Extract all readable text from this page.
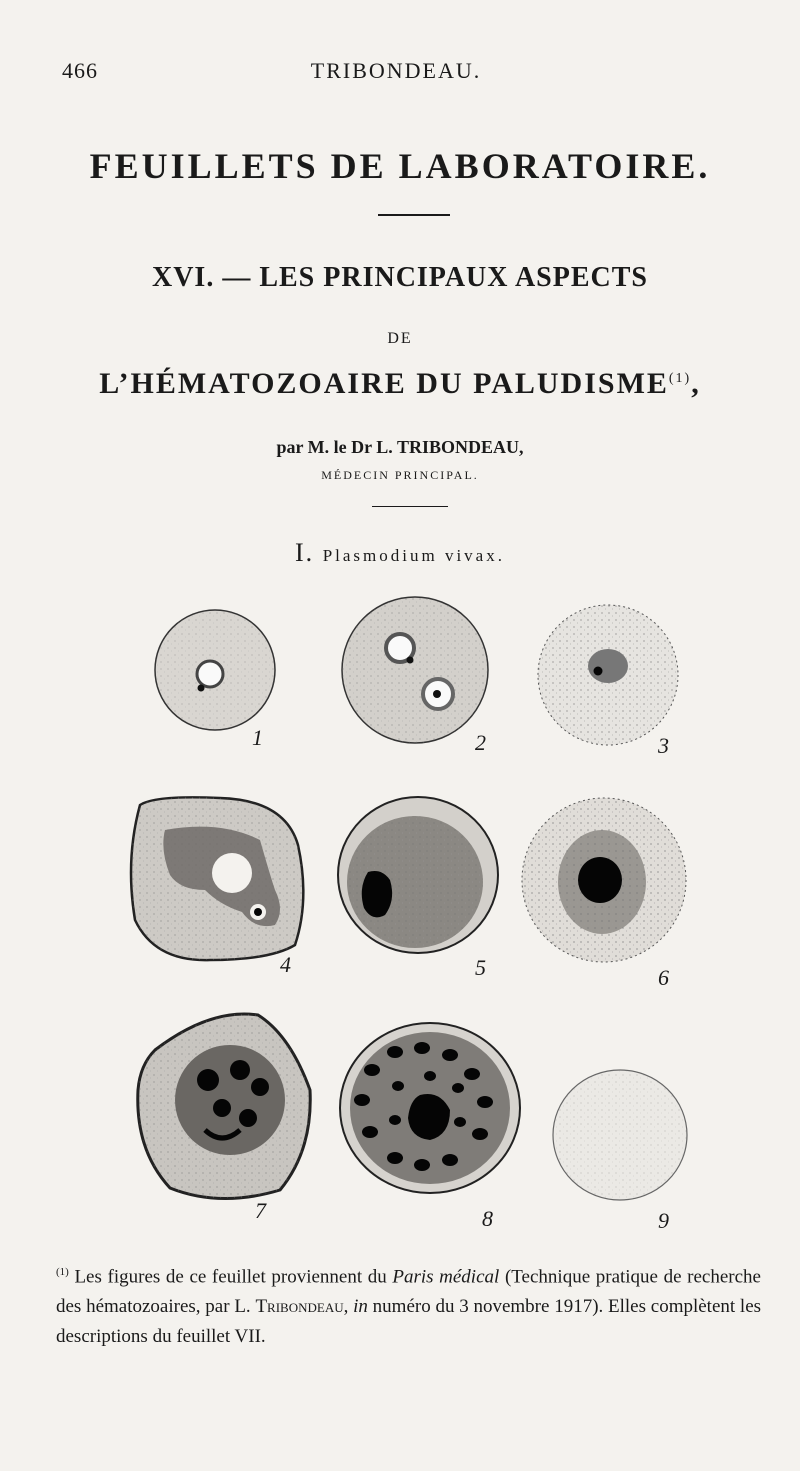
466	TRIBONDEAU.
FEUILLETS DE LABORATOIRE.
XVI. — LES PRINCIPAUX ASPECTS
DE
L’HÉMATOZOAIRE DU PALUDISME$^{(1)}$,
par M. le Dr L. TRIBONDEAU,
MÉDECIN PRINCIPAL.
I. Plasmodium vivax.
1	2	3
4	5	6
7	8	9
$^{(1)}$ Les figures de ce feuillet proviennent du Paris médical (Technique pratique de recherche des hématozoaires, par L. Tribondeau, in numéro du 3 novembre 1917). Elles complètent les descriptions du feuillet VII.
